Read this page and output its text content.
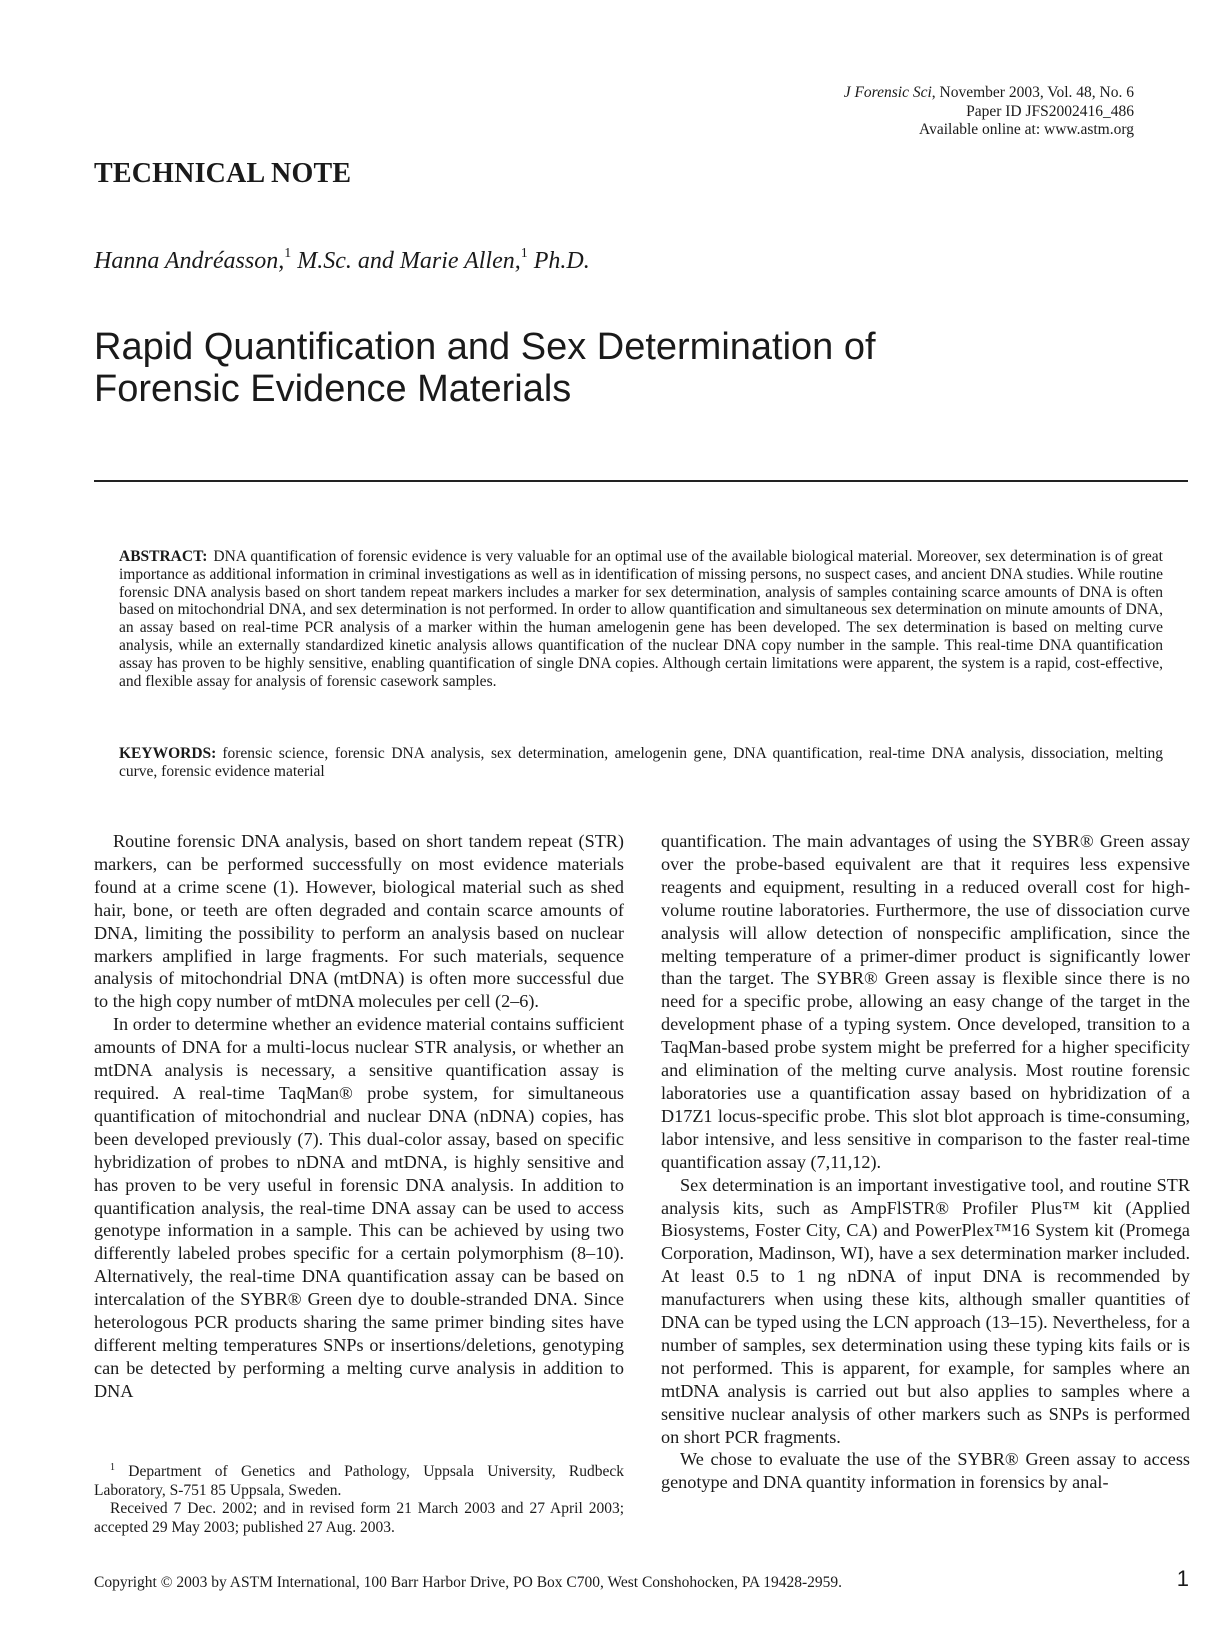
J Forensic Sci, November 2003, Vol. 48, No. 6
Paper ID JFS2002416_486
Available online at: www.astm.org
TECHNICAL NOTE
Hanna Andréasson,$^1$ M.Sc. and Marie Allen,$^1$ Ph.D.
Rapid Quantification and Sex Determination of
Forensic Evidence Materials
ABSTRACT: DNA quantification of forensic evidence is very valuable for an optimal use of the available biological material. Moreover, sex determination is of great importance as additional information in criminal investigations as well as in identification of missing persons, no suspect cases, and ancient DNA studies. While routine forensic DNA analysis based on short tandem repeat markers includes a marker for sex determination, analysis of samples containing scarce amounts of DNA is often based on mitochondrial DNA, and sex determination is not performed. In order to allow quantification and simultaneous sex determination on minute amounts of DNA, an assay based on real-time PCR analysis of a marker within the human amelogenin gene has been developed. The sex determination is based on melting curve analysis, while an externally standardized kinetic analysis allows quantification of the nuclear DNA copy number in the sample. This real-time DNA quantification assay has proven to be highly sensitive, enabling quantification of single DNA copies. Although certain limitations were apparent, the system is a rapid, cost-effective, and flexible assay for analysis of forensic casework samples.
KEYWORDS: forensic science, forensic DNA analysis, sex determination, amelogenin gene, DNA quantification, real-time DNA analysis, dissociation, melting curve, forensic evidence material

Routine forensic DNA analysis, based on short tandem repeat (STR) markers, can be performed successfully on most evidence materials found at a crime scene (1). However, biological material such as shed hair, bone, or teeth are often degraded and contain scarce amounts of DNA, limiting the possibility to perform an analysis based on nuclear markers amplified in large fragments. For such materials, sequence analysis of mitochondrial DNA (mtDNA) is often more successful due to the high copy number of mtDNA molecules per cell (2–6).

In order to determine whether an evidence material contains sufficient amounts of DNA for a multi-locus nuclear STR analysis, or whether an mtDNA analysis is necessary, a sensitive quantification assay is required. A real-time TaqMan® probe system, for simultaneous quantification of mitochondrial and nuclear DNA (nDNA) copies, has been developed previously (7). This dual-color assay, based on specific hybridization of probes to nDNA and mtDNA, is highly sensitive and has proven to be very useful in forensic DNA analysis. In addition to quantification analysis, the real-time DNA assay can be used to access genotype information in a sample. This can be achieved by using two differently labeled probes specific for a certain polymorphism (8–10). Alternatively, the real-time DNA quantification assay can be based on intercalation of the SYBR® Green dye to double-stranded DNA. Since heterologous PCR products sharing the same primer binding sites have different melting temperatures SNPs or insertions/deletions, genotyping can be detected by performing a melting curve analysis in addition to DNA

quantification. The main advantages of using the SYBR® Green assay over the probe-based equivalent are that it requires less expensive reagents and equipment, resulting in a reduced overall cost for high-volume routine laboratories. Furthermore, the use of dissociation curve analysis will allow detection of nonspecific amplification, since the melting temperature of a primer-dimer product is significantly lower than the target. The SYBR® Green assay is flexible since there is no need for a specific probe, allowing an easy change of the target in the development phase of a typing system. Once developed, transition to a TaqMan-based probe system might be preferred for a higher specificity and elimination of the melting curve analysis. Most routine forensic laboratories use a quantification assay based on hybridization of a D17Z1 locus-specific probe. This slot blot approach is time-consuming, labor intensive, and less sensitive in comparison to the faster real-time quantification assay (7,11,12).

Sex determination is an important investigative tool, and routine STR analysis kits, such as AmpFlSTR® Profiler Plus™ kit (Applied Biosystems, Foster City, CA) and PowerPlex™16 System kit (Promega Corporation, Madinson, WI), have a sex determination marker included. At least 0.5 to 1 ng nDNA of input DNA is recommended by manufacturers when using these kits, although smaller quantities of DNA can be typed using the LCN approach (13–15). Nevertheless, for a number of samples, sex determination using these typing kits fails or is not performed. This is apparent, for example, for samples where an mtDNA analysis is carried out but also applies to samples where a sensitive nuclear analysis of other markers such as SNPs is performed on short PCR fragments.

We chose to evaluate the use of the SYBR® Green assay to access genotype and DNA quantity information in forensics by anal-

$^1$ Department of Genetics and Pathology, Uppsala University, Rudbeck Laboratory, S-751 85 Uppsala, Sweden.

Received 7 Dec. 2002; and in revised form 21 March 2003 and 27 April 2003; accepted 29 May 2003; published 27 Aug. 2003.

Copyright © 2003 by ASTM International, 100 Barr Harbor Drive, PO Box C700, West Conshohocken, PA 19428-2959.	1
